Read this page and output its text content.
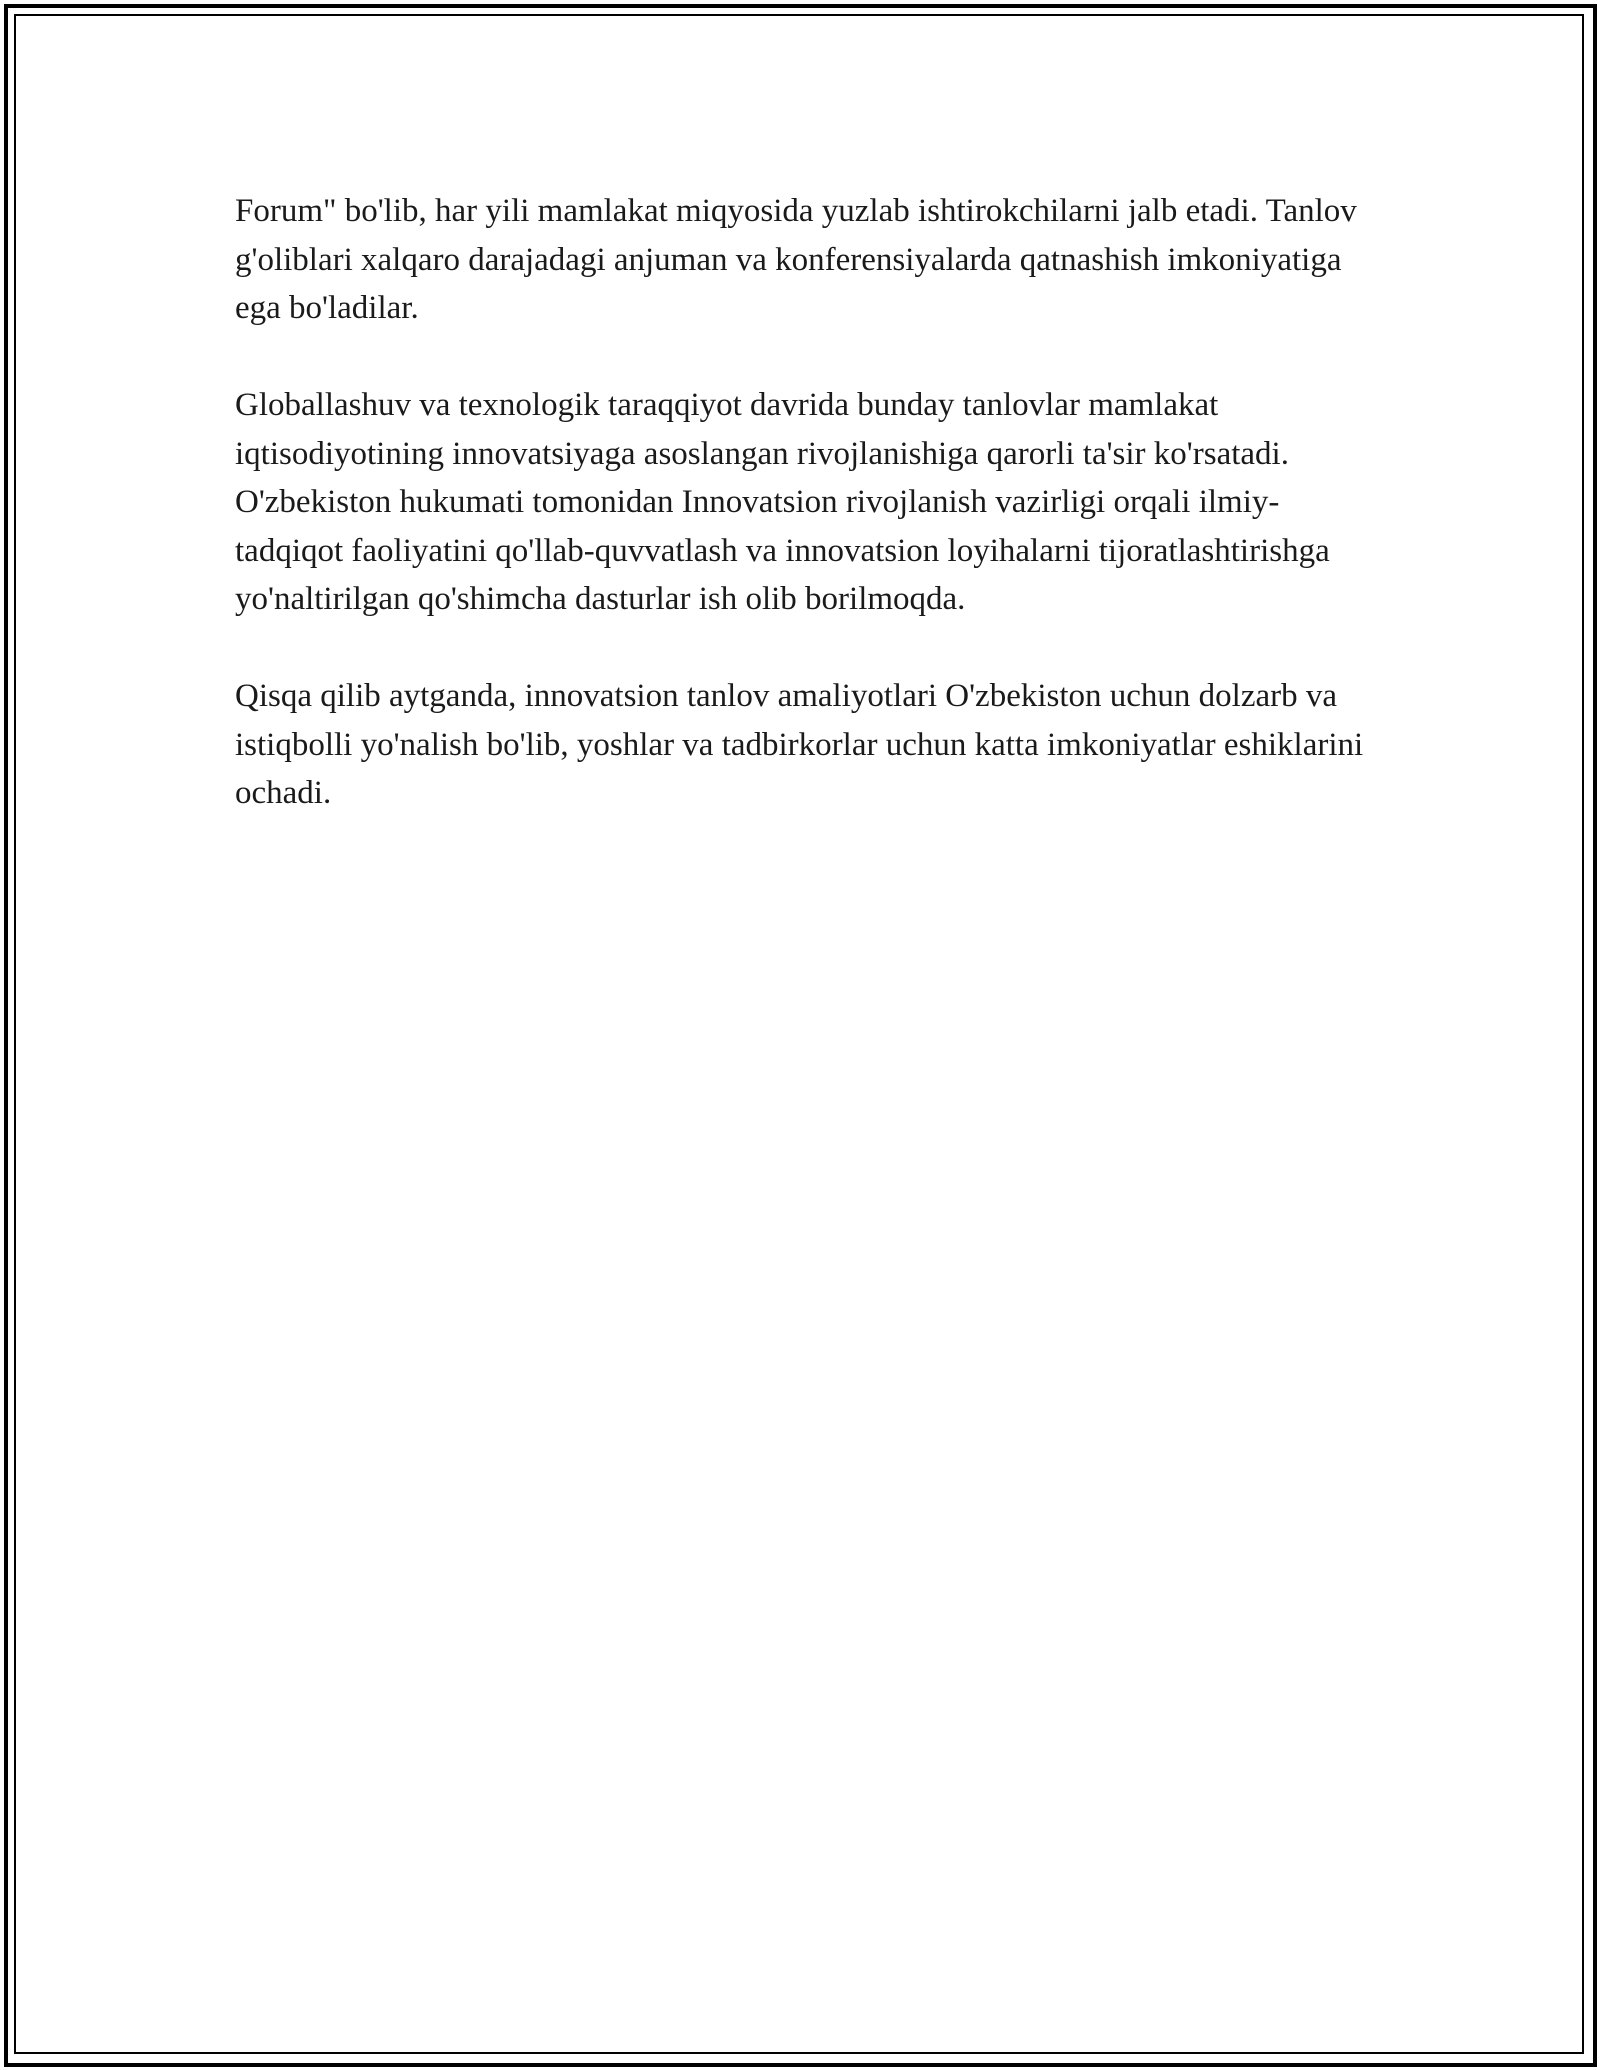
Forum" bo'lib, har yili mamlakat miqyosida yuzlab ishtirokchilarni jalb etadi. Tanlov g'oliblari xalqaro darajadagi anjuman va konferensiyalarda qatnashish imkoniyatiga ega bo'ladilar.

Globallashuv va texnologik taraqqiyot davrida bunday tanlovlar mamlakat iqtisodiyotining innovatsiyaga asoslangan rivojlanishiga qarorli ta'sir ko'rsatadi. O'zbekiston hukumati tomonidan Innovatsion rivojlanish vazirligi orqali ilmiy-tadqiqot faoliyatini qo'llab-quvvatlash va innovatsion loyihalarni tijoratlashtirishga yo'naltirilgan qo'shimcha dasturlar ish olib borilmoqda.

Qisqa qilib aytganda, innovatsion tanlov amaliyotlari O'zbekiston uchun dolzarb va istiqbolli yo'nalish bo'lib, yoshlar va tadbirkorlar uchun katta imkoniyatlar eshiklarini ochadi.
